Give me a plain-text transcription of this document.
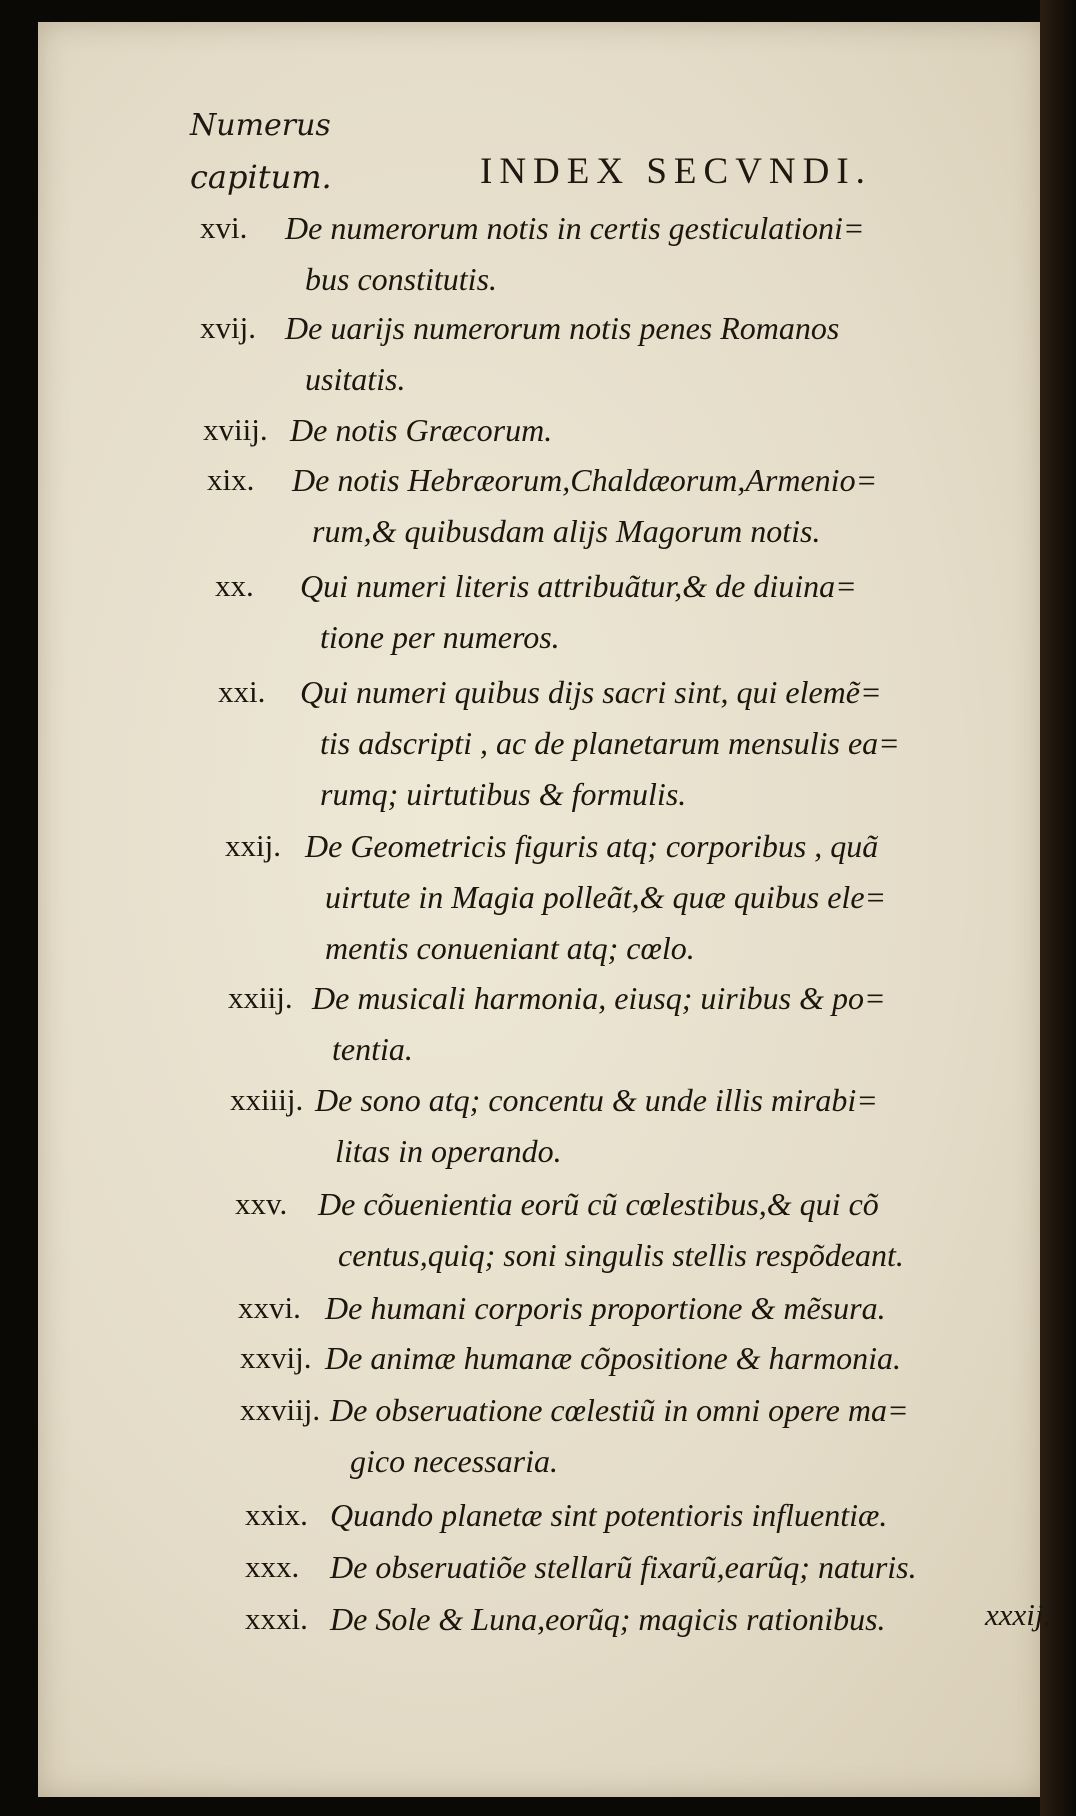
Numerus
capitum.	INDEX SECVNDI.
xvi. De numerorum notis in certis gesticulationi=
bus constitutis.
xvij. De uarijs numerorum notis penes Romanos
usitatis.
xviij. De notis Græcorum.
xix. De notis Hebræorum,Chaldæorum,Armenio=
rum,& quibusdam alijs Magorum notis.
xx. Qui numeri literis attribuãtur,& de diuina=
tione per numeros.
xxi. Qui numeri quibus dijs sacri sint, qui elemẽ=
tis adscripti , ac de planetarum mensulis ea=
rumq; uirtutibus & formulis.
xxij. De Geometricis figuris atq; corporibus , quã
uirtute in Magia polleãt,& quæ quibus ele=
mentis conueniant atq; cœlo.
xxiij. De musicali harmonia, eiusq; uiribus & po=
tentia.
xxiiij. De sono atq; concentu & unde illis mirabi=
litas in operando.
xxv. De cõuenientia eorũ cũ cœlestibus,& qui cõ
centus,quiq; soni singulis stellis respõdeant.
xxvi. De humani corporis proportione & mẽsura.
xxvij. De animæ humanæ cõpositione & harmonia.
xxviij. De obseruatione cœlestiũ in omni opere ma=
gico necessaria.
xxix. Quando planetæ sint potentioris influentiæ.
xxx. De obseruatiõe stellarũ fixarũ,earũq; naturis.
xxxi. De Sole & Luna,eorũq; magicis rationibus.	xxxij.
